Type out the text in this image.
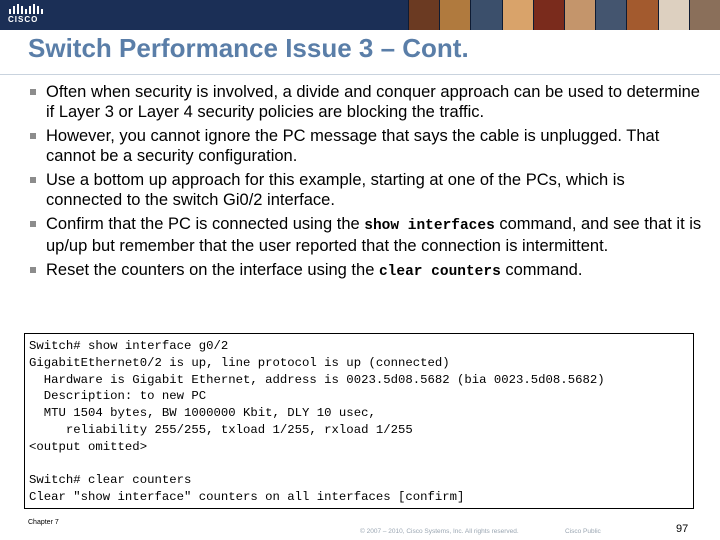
CISCO
Switch Performance Issue 3 – Cont.
Often when security is involved, a divide and conquer approach can be used to determine if Layer 3 or Layer 4 security policies are blocking the traffic.
However, you cannot ignore the PC message that says the cable is unplugged. That cannot be a security configuration.
Use a bottom up approach for this example, starting at one of the PCs, which is connected to the switch Gi0/2 interface.
Confirm that the PC is connected using the show interfaces command, and see that it is up/up but remember that the user reported that the connection is intermittent.
Reset the counters on the interface using the clear counters command.
Switch# show interface g0/2
GigabitEthernet0/2 is up, line protocol is up (connected)
Hardware is Gigabit Ethernet, address is 0023.5d08.5682 (bia 0023.5d08.5682)
Description: to new PC
MTU 1504 bytes, BW 1000000 Kbit, DLY 10 usec,
reliability 255/255, txload 1/255, rxload 1/255
<output omitted>
Switch# clear counters
Clear "show interface" counters on all interfaces [confirm]
Chapter 7
© 2007 – 2010, Cisco Systems, Inc. All rights reserved.	Cisco Public	97
